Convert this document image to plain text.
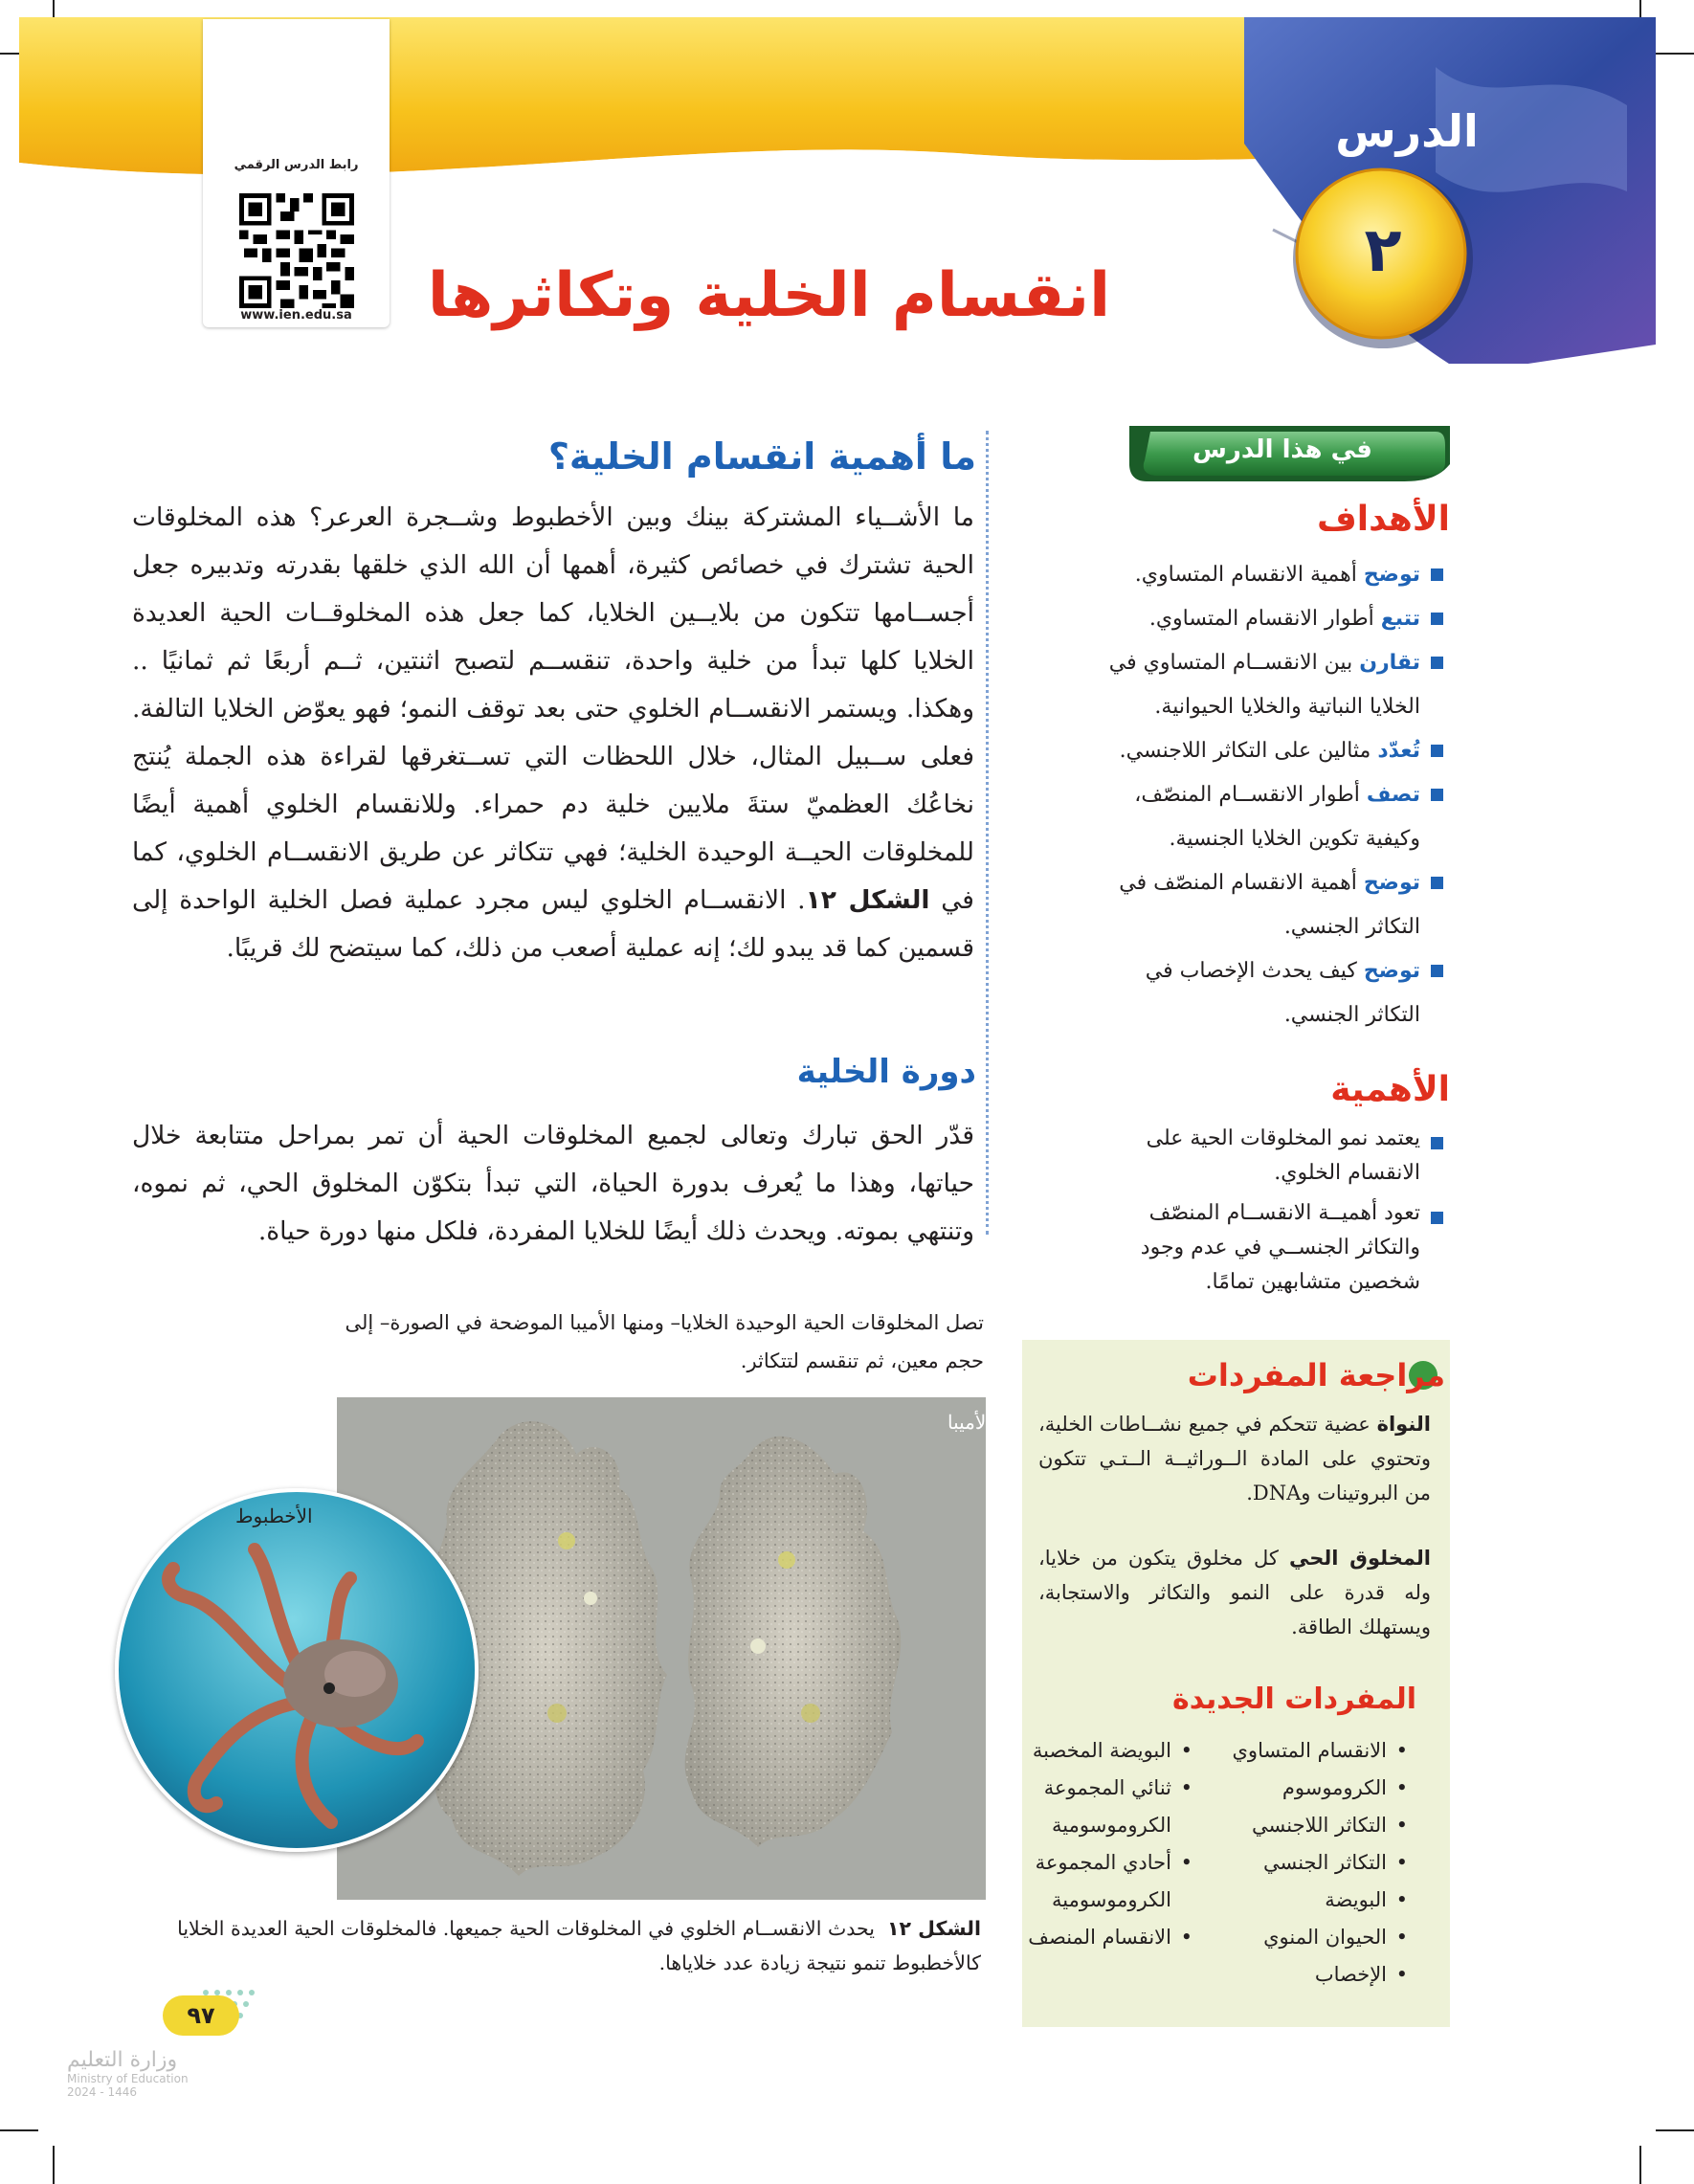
الدرس
٢
رابط الدرس الرقمي
www.ien.edu.sa	انقسام الخلية وتكاثرها
في هذا الدرس
الأهداف
توضح أهمية الانقسام المتساوي.
تتبع أطوار الانقسام المتساوي.
تقارن بين الانقســام المتساوي في الخلايا النباتية والخلايا الحيوانية.
تُعدّد مثالين على التكاثر اللاجنسي.
تصف أطوار الانقســام المنصّف، وكيفية تكوين الخلايا الجنسية.
توضح أهمية الانقسام المنصّف في التكاثر الجنسي.
توضح كيف يحدث الإخصاب في التكاثر الجنسي.
الأهمية
يعتمد نمو المخلوقات الحية على الانقسام الخلوي.
تعود أهميــة الانقســام المنصّف والتكاثر الجنســي في عدم وجود شخصين متشابهين تمامًا.
مراجعة المفردات
النواة عضية تتحكم في جميع نشــاطات الخلية، وتحتوي على المادة الــوراثيــة الــتـي تتكون من البروتينات وDNA.
المخلوق الحي كل مخلوق يتكون من خلايا، وله قدرة على النمو والتكاثر والاستجابة، ويستهلك الطاقة.
المفردات الجديدة
• الانقسام المتساوي
• الكروموسوم
• التكاثر اللاجنسي
• التكاثر الجنسي
• البويضة
• الحيوان المنوي
• الإخصاب
• البويضة المخصبة
• ثنائي المجموعة الكروموسومية
• أحادي المجموعة الكروموسومية
• الانقسام المنصف
ما أهمية انقسام الخلية؟
ما الأشــياء المشتركة بينك وبين الأخطبوط وشــجرة العرعر؟ هذه المخلوقات الحية تشترك في خصائص كثيرة، أهمها أن الله الذي خلقها بقدرته وتدبيره جعل أجســامها تتكون من بلايــين الخلايا، كما جعل هذه المخلوقــات الحية العديدة الخلايا كلها تبدأ من خلية واحدة، تنقســم لتصبح اثنتين، ثــم أربعًا ثم ثمانيًا .. وهكذا. ويستمر الانقســام الخلوي حتى بعد توقف النمو؛ فهو يعوّض الخلايا التالفة. فعلى ســبيل المثال، خلال اللحظات التي تســتغرقها لقراءة هذه الجملة يُنتج نخاعُك العظميّ ستةَ ملايين خلية دم حمراء. وللانقسام الخلوي أهمية أيضًا للمخلوقات الحيــة الوحيدة الخلية؛ فهي تتكاثر عن طريق الانقســام الخلوي، كما في الشكل ١٢. الانقســام الخلوي ليس مجرد عملية فصل الخلية الواحدة إلى قسمين كما قد يبدو لك؛ إنه عملية أصعب من ذلك، كما سيتضح لك قريبًا.
دورة الخلية
قدّر الحق تبارك وتعالى لجميع المخلوقات الحية أن تمر بمراحل متتابعة خلال حياتها، وهذا ما يُعرف بدورة الحياة، التي تبدأ بتكوّن المخلوق الحي، ثم نموه، وتنتهي بموته. ويحدث ذلك أيضًا للخلايا المفردة، فلكل منها دورة حياة.
تصل المخلوقات الحية الوحيدة الخلايا– ومنها الأميبا الموضحة في الصورة– إلى حجم معين، ثم تنقسم لتتكاثر.
الأميبا
الأخطبوط
الشكل ١٢  يحدث الانقســام الخلوي في المخلوقات الحية جميعها. فالمخلوقات الحية العديدة الخلايا كالأخطبوط تنمو نتيجة زيادة عدد خلاياها.
٩٧
وزارة التعليم
Ministry of Education
2024 - 1446
